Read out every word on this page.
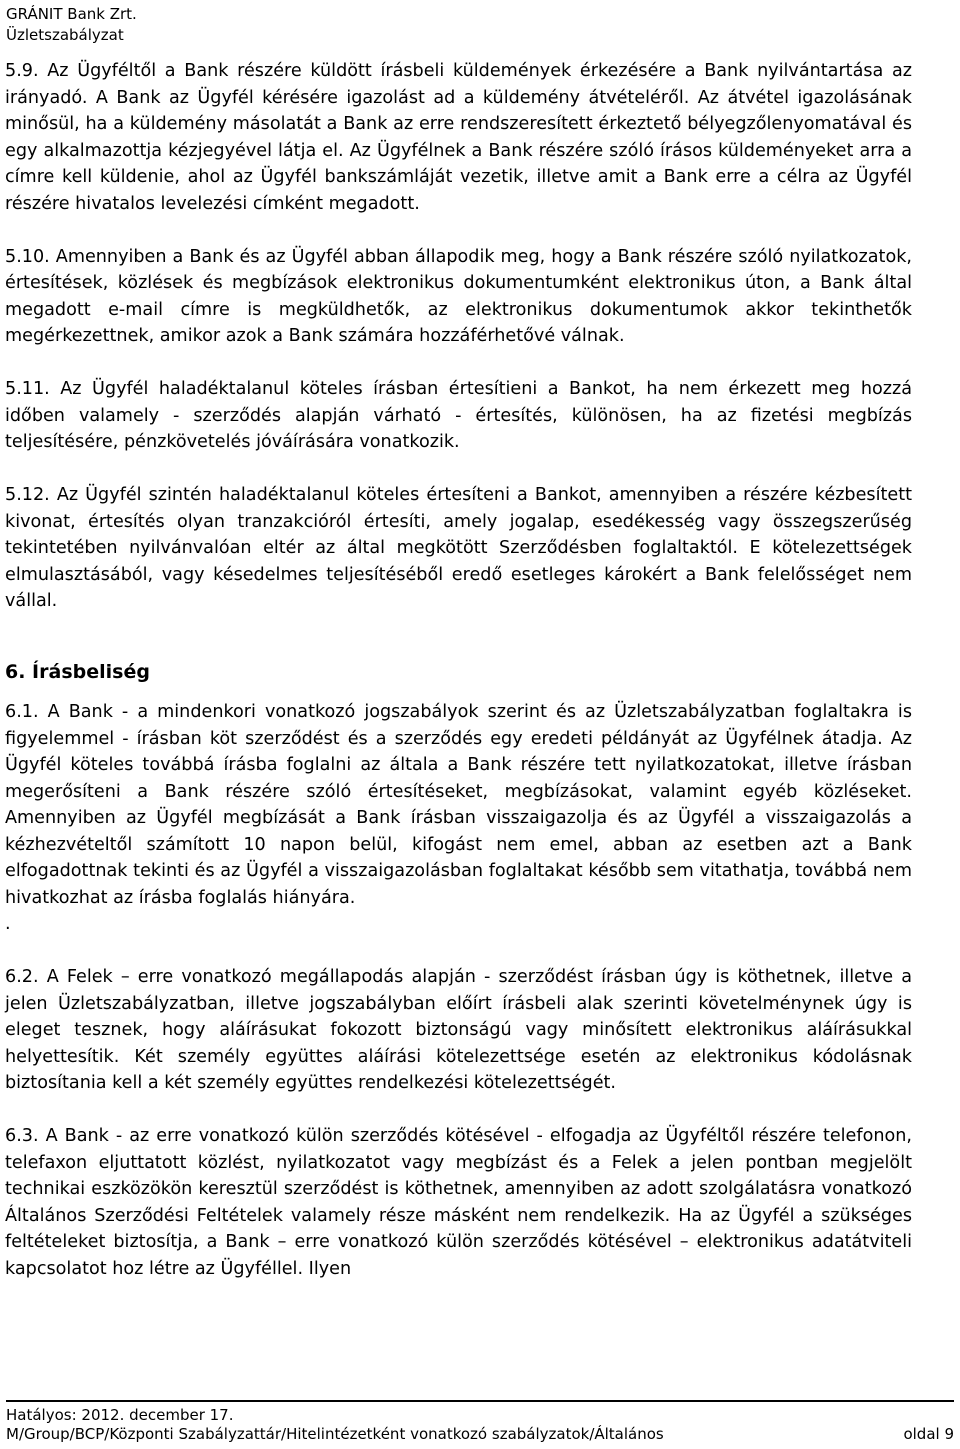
GRÁNIT Bank Zrt.
Üzletszabályzat

5.9. Az Ügyféltől a Bank részére küldött írásbeli küldemények érkezésére a Bank nyilvántartása az irányadó. A Bank az Ügyfél kérésére igazolást ad a küldemény átvételéről. Az átvétel igazolásának minősül, ha a küldemény másolatát a Bank az erre rendszeresített érkeztető bélyegzőlenyomatával és egy alkalmazottja kézjegyével látja el. Az Ügyfélnek a Bank részére szóló írásos küldeményeket arra a címre kell küldenie, ahol az Ügyfél bankszámláját vezetik, illetve amit a Bank erre a célra az Ügyfél részére hivatalos levelezési címként megadott.

5.10. Amennyiben a Bank és az Ügyfél abban állapodik meg, hogy a Bank részére szóló nyilatkozatok, értesítések, közlések és megbízások elektronikus dokumentumként elektronikus úton, a Bank által megadott e-mail címre is megküldhetők, az elektronikus dokumentumok akkor tekinthetők megérkezettnek, amikor azok a Bank számára hozzáférhetővé válnak.

5.11. Az Ügyfél haladéktalanul köteles írásban értesítieni a Bankot, ha nem érkezett meg hozzá időben valamely - szerződés alapján várható - értesítés, különösen, ha az fizetési megbízás teljesítésére, pénzkövetelés jóváírására vonatkozik.

5.12. Az Ügyfél szintén haladéktalanul köteles értesíteni a Bankot, amennyiben a részére kézbesített kivonat, értesítés olyan tranzakcióról értesíti, amely jogalap, esedékesség vagy összegszerűség tekintetében nyilvánvalóan eltér az által megkötött Szerződésben foglaltaktól. E kötelezettségek elmulasztásából, vagy késedelmes teljesítéséből eredő esetleges károkért a Bank felelősséget nem vállal.

6. Írásbeliség

6.1. A Bank - a mindenkori vonatkozó jogszabályok szerint és az Üzletszabályzatban foglaltakra is figyelemmel - írásban köt szerződést és a szerződés egy eredeti példányát az Ügyfélnek átadja. Az Ügyfél köteles továbbá írásba foglalni az általa a Bank részére tett nyilatkozatokat, illetve írásban megerősíteni a Bank részére szóló értesítéseket, megbízásokat, valamint egyéb közléseket. Amennyiben az Ügyfél megbízását a Bank írásban visszaigazolja és az Ügyfél a visszaigazolás a kézhezvételtől számított 10 napon belül, kifogást nem emel, abban az esetben azt a Bank elfogadottnak tekinti és az Ügyfél a visszaigazolásban foglaltakat később sem vitathatja, továbbá nem hivatkozhat az írásba foglalás hiányára.

.

6.2. A Felek – erre vonatkozó megállapodás alapján - szerződést írásban úgy is köthetnek, illetve a jelen Üzletszabályzatban, illetve jogszabályban előírt írásbeli alak szerinti követelménynek úgy is eleget tesznek, hogy aláírásukat fokozott biztonságú vagy minősített elektronikus aláírásukkal helyettesítik. Két személy együttes aláírási kötelezettsége esetén az elektronikus kódolásnak biztosítania kell a két személy együttes rendelkezési kötelezettségét.

6.3. A Bank - az erre vonatkozó külön szerződés kötésével - elfogadja az Ügyféltől részére telefonon, telefaxon eljuttatott közlést, nyilatkozatot vagy megbízást és a Felek a jelen pontban megjelölt technikai eszközökön keresztül szerződést is köthetnek, amennyiben az adott szolgálatásra vonatkozó Általános Szerződési Feltételek valamely része másként nem rendelkezik. Ha az Ügyfél a szükséges feltételeket biztosítja, a Bank – erre vonatkozó külön szerződés kötésével – elektronikus adatátviteli kapcsolatot hoz létre az Ügyféllel. Ilyen

Hatályos: 2012. december 17.
M/Group/BCP/Központi Szabályzattár/Hitelintézetként vonatkozó szabályzatok/Általános	oldal 9
